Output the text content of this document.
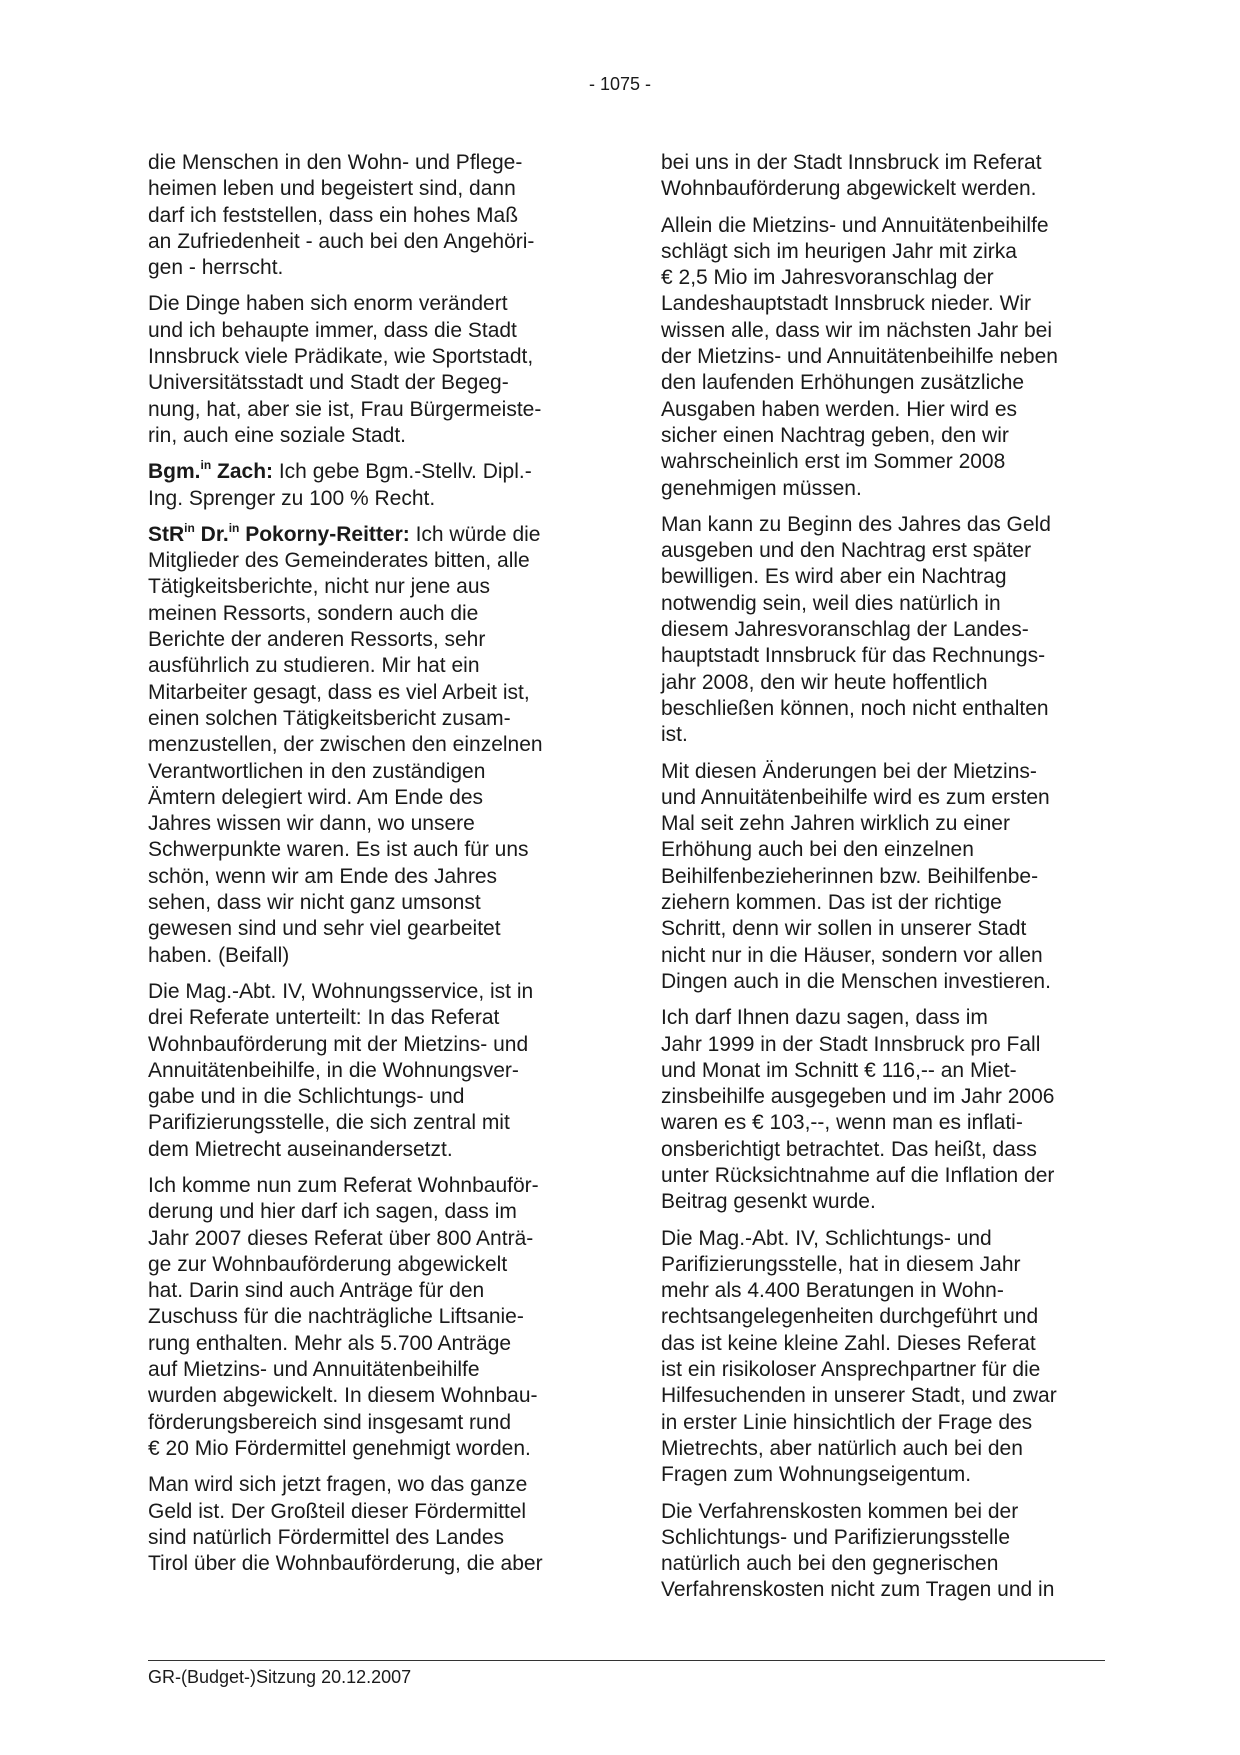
- 1075 -

die Menschen in den Wohn- und Pflege-
heimen leben und begeistert sind, dann
darf ich feststellen, dass ein hohes Maß
an Zufriedenheit - auch bei den Angehöri-
gen - herrscht.

Die Dinge haben sich enorm verändert
und ich behaupte immer, dass die Stadt
Innsbruck viele Prädikate, wie Sportstadt,
Universitätsstadt und Stadt der Begeg-
nung, hat, aber sie ist, Frau Bürgermeiste-
rin, auch eine soziale Stadt.

Bgm.$^{in}$ Zach: Ich gebe Bgm.-Stellv. Dipl.-
Ing. Sprenger zu 100 % Recht.

StR$^{in}$ Dr.$^{in}$ Pokorny-Reitter: Ich würde die
Mitglieder des Gemeinderates bitten, alle
Tätigkeitsberichte, nicht nur jene aus
meinen Ressorts, sondern auch die
Berichte der anderen Ressorts, sehr
ausführlich zu studieren. Mir hat ein
Mitarbeiter gesagt, dass es viel Arbeit ist,
einen solchen Tätigkeitsbericht zusam-
menzustellen, der zwischen den einzelnen
Verantwortlichen in den zuständigen
Ämtern delegiert wird. Am Ende des
Jahres wissen wir dann, wo unsere
Schwerpunkte waren. Es ist auch für uns
schön, wenn wir am Ende des Jahres
sehen, dass wir nicht ganz umsonst
gewesen sind und sehr viel gearbeitet
haben. (Beifall)

Die Mag.-Abt. IV, Wohnungsservice, ist in
drei Referate unterteilt: In das Referat
Wohnbauförderung mit der Mietzins- und
Annuitätenbeihilfe, in die Wohnungsver-
gabe und in die Schlichtungs- und
Parifizierungsstelle, die sich zentral mit
dem Mietrecht auseinandersetzt.

Ich komme nun zum Referat Wohnbauför-
derung und hier darf ich sagen, dass im
Jahr 2007 dieses Referat über 800 Anträ-
ge zur Wohnbauförderung abgewickelt
hat. Darin sind auch Anträge für den
Zuschuss für die nachträgliche Liftsanie-
rung enthalten. Mehr als 5.700 Anträge
auf Mietzins- und Annuitätenbeihilfe
wurden abgewickelt. In diesem Wohnbau-
förderungsbereich sind insgesamt rund
€ 20 Mio Fördermittel genehmigt worden.

Man wird sich jetzt fragen, wo das ganze
Geld ist. Der Großteil dieser Fördermittel
sind natürlich Fördermittel des Landes
Tirol über die Wohnbauförderung, die aber

bei uns in der Stadt Innsbruck im Referat
Wohnbauförderung abgewickelt werden.

Allein die Mietzins- und Annuitätenbeihilfe
schlägt sich im heurigen Jahr mit zirka
€ 2,5 Mio im Jahresvoranschlag der
Landeshauptstadt Innsbruck nieder. Wir
wissen alle, dass wir im nächsten Jahr bei
der Mietzins- und Annuitätenbeihilfe neben
den laufenden Erhöhungen zusätzliche
Ausgaben haben werden. Hier wird es
sicher einen Nachtrag geben, den wir
wahrscheinlich erst im Sommer 2008
genehmigen müssen.

Man kann zu Beginn des Jahres das Geld
ausgeben und den Nachtrag erst später
bewilligen. Es wird aber ein Nachtrag
notwendig sein, weil dies natürlich in
diesem Jahresvoranschlag der Landes-
hauptstadt Innsbruck für das Rechnungs-
jahr 2008, den wir heute hoffentlich
beschließen können, noch nicht enthalten
ist.

Mit diesen Änderungen bei der Mietzins-
und Annuitätenbeihilfe wird es zum ersten
Mal seit zehn Jahren wirklich zu einer
Erhöhung auch bei den einzelnen
Beihilfenbezieherinnen bzw. Beihilfenbe-
ziehern kommen. Das ist der richtige
Schritt, denn wir sollen in unserer Stadt
nicht nur in die Häuser, sondern vor allen
Dingen auch in die Menschen investieren.

Ich darf Ihnen dazu sagen, dass im
Jahr 1999 in der Stadt Innsbruck pro Fall
und Monat im Schnitt € 116,-- an Miet-
zinsbeihilfe ausgegeben und im Jahr 2006
waren es € 103,--, wenn man es inflati-
onsberichtigt betrachtet. Das heißt, dass
unter Rücksichtnahme auf die Inflation der
Beitrag gesenkt wurde.

Die Mag.-Abt. IV, Schlichtungs- und
Parifizierungsstelle, hat in diesem Jahr
mehr als 4.400 Beratungen in Wohn-
rechtsangelegenheiten durchgeführt und
das ist keine kleine Zahl. Dieses Referat
ist ein risikoloser Ansprechpartner für die
Hilfesuchenden in unserer Stadt, und zwar
in erster Linie hinsichtlich der Frage des
Mietrechts, aber natürlich auch bei den
Fragen zum Wohnungseigentum.

Die Verfahrenskosten kommen bei der
Schlichtungs- und Parifizierungsstelle
natürlich auch bei den gegnerischen
Verfahrenskosten nicht zum Tragen und in

GR-(Budget-)Sitzung 20.12.2007
